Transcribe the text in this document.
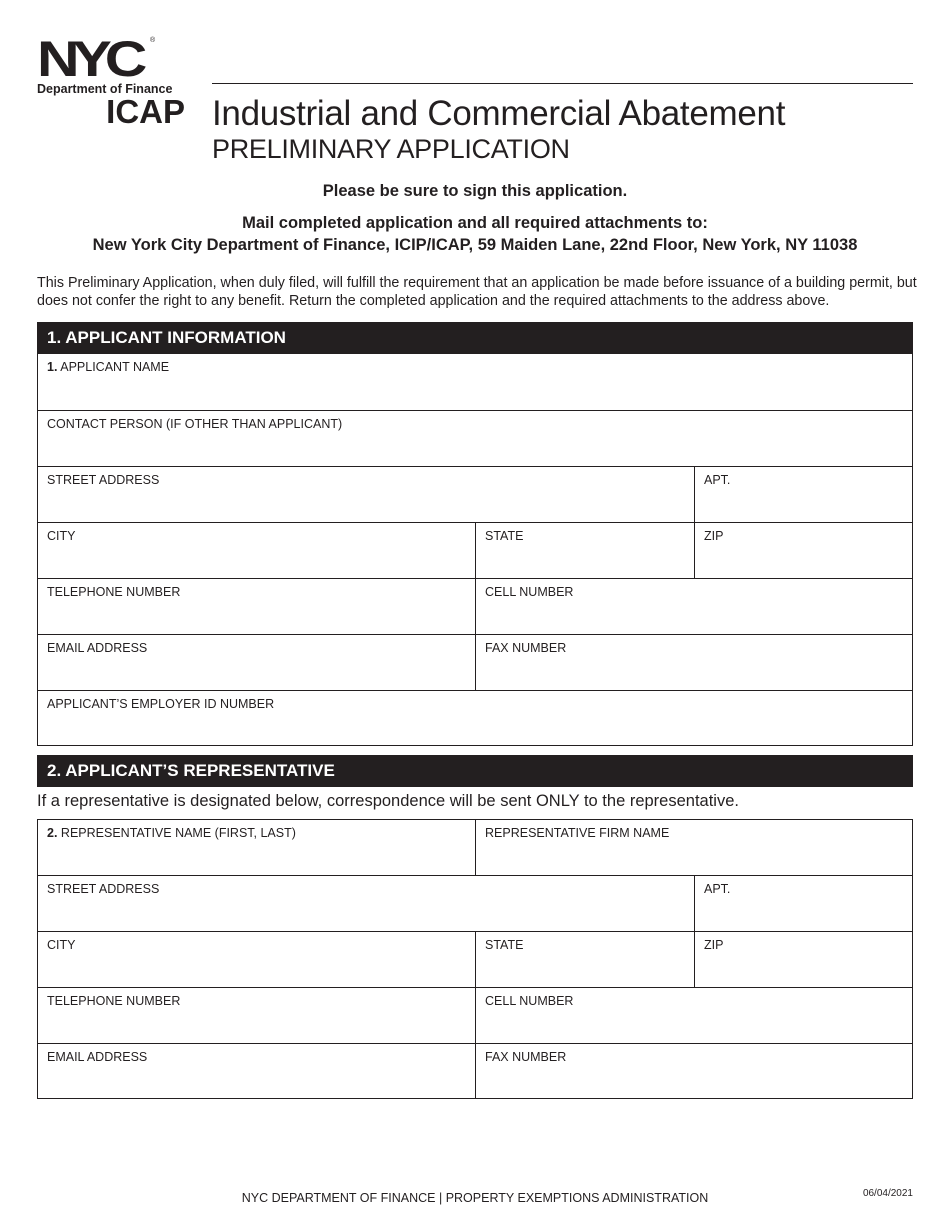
NYC	®
Department of Finance
ICAP Industrial and Commercial Abatement
PRELIMINARY APPLICATION
Please be sure to sign this application.
Mail completed application and all required attachments to:
New York City Department of Finance, ICIP/ICAP, 59 Maiden Lane, 22nd Floor, New York, NY 11038
This Preliminary Application, when duly filed, will fulfill the requirement that an application be made before issuance of a building permit, but does not confer the right to any benefit. Return the completed application and the required attachments to the address above.
1. APPLICANT INFORMATION
1. APPLICANT NAME
CONTACT PERSON (IF OTHER THAN APPLICANT)
STREET ADDRESS	APT.
CITY	STATE	ZIP
TELEPHONE NUMBER	CELL NUMBER
EMAIL ADDRESS	FAX NUMBER
APPLICANT’S EMPLOYER ID NUMBER
2. APPLICANT’S REPRESENTATIVE
If a representative is designated below, correspondence will be sent ONLY to the representative.
2. REPRESENTATIVE NAME (FIRST, LAST)	REPRESENTATIVE FIRM NAME
STREET ADDRESS	APT.
CITY	STATE	ZIP
TELEPHONE NUMBER	CELL NUMBER
EMAIL ADDRESS	FAX NUMBER
NYC DEPARTMENT OF FINANCE | PROPERTY EXEMPTIONS ADMINISTRATION	06/04/2021
